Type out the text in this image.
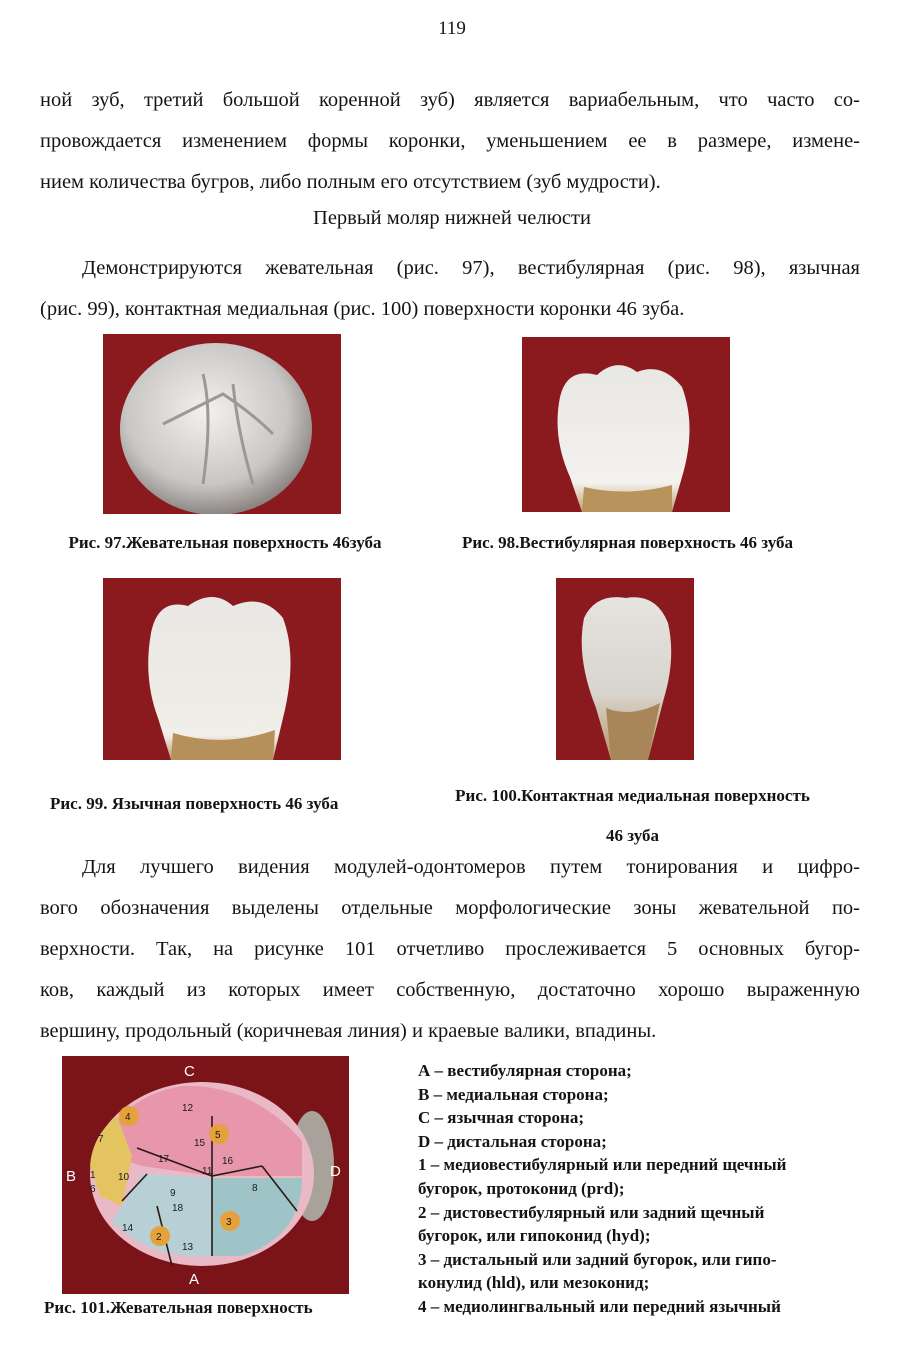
119
ной зуб, третий большой коренной зуб) является вариабельным, что часто со-
провождается изменением формы коронки, уменьшением ее в размере, измене-
нием количества бугров, либо полным его отсутствием (зуб мудрости).
Первый моляр нижней челюсти
Демонстрируются жевательная (рис. 97), вестибулярная (рис. 98), язычная
(рис. 99), контактная медиальная (рис. 100) поверхности коронки 46 зуба.
Рис. 97.Жевательная поверхность 46зуба	Рис. 98.Вестибулярная поверхность 46 зуба
Рис. 99. Язычная поверхность 46 зуба	Рис. 100.Контактная медиальная поверхность 46 зуба
Для лучшего видения модулей-одонтомеров путем тонирования и цифро-
вого обозначения выделены отдельные морфологические зоны жевательной по-
верхности. Так, на рисунке 101 отчетливо прослеживается 5 основных бугор-
ков, каждый из которых имеет собственную, достаточно хорошо выраженную
вершину, продольный (коричневая линия) и краевые валики, впадины.
C
B	D
A
1
2
3
4
5
6
7
8
9
10
11
12
13
14
15
16
17
18
Рис. 101.Жевательная поверхность
А – вестибулярная сторона;
В – медиальная сторона;
С – язычная сторона;
D – дистальная сторона;
1 – медиовестибулярный или передний щечный
бугорок, протоконид (prd);
2 – дистовестибулярный или задний щечный
бугорок, или гипоконид (hyd);
3 – дистальный или задний бугорок, или гипо-
конулид (hld), или мезоконид;
4 – медиолингвальный или передний язычный
